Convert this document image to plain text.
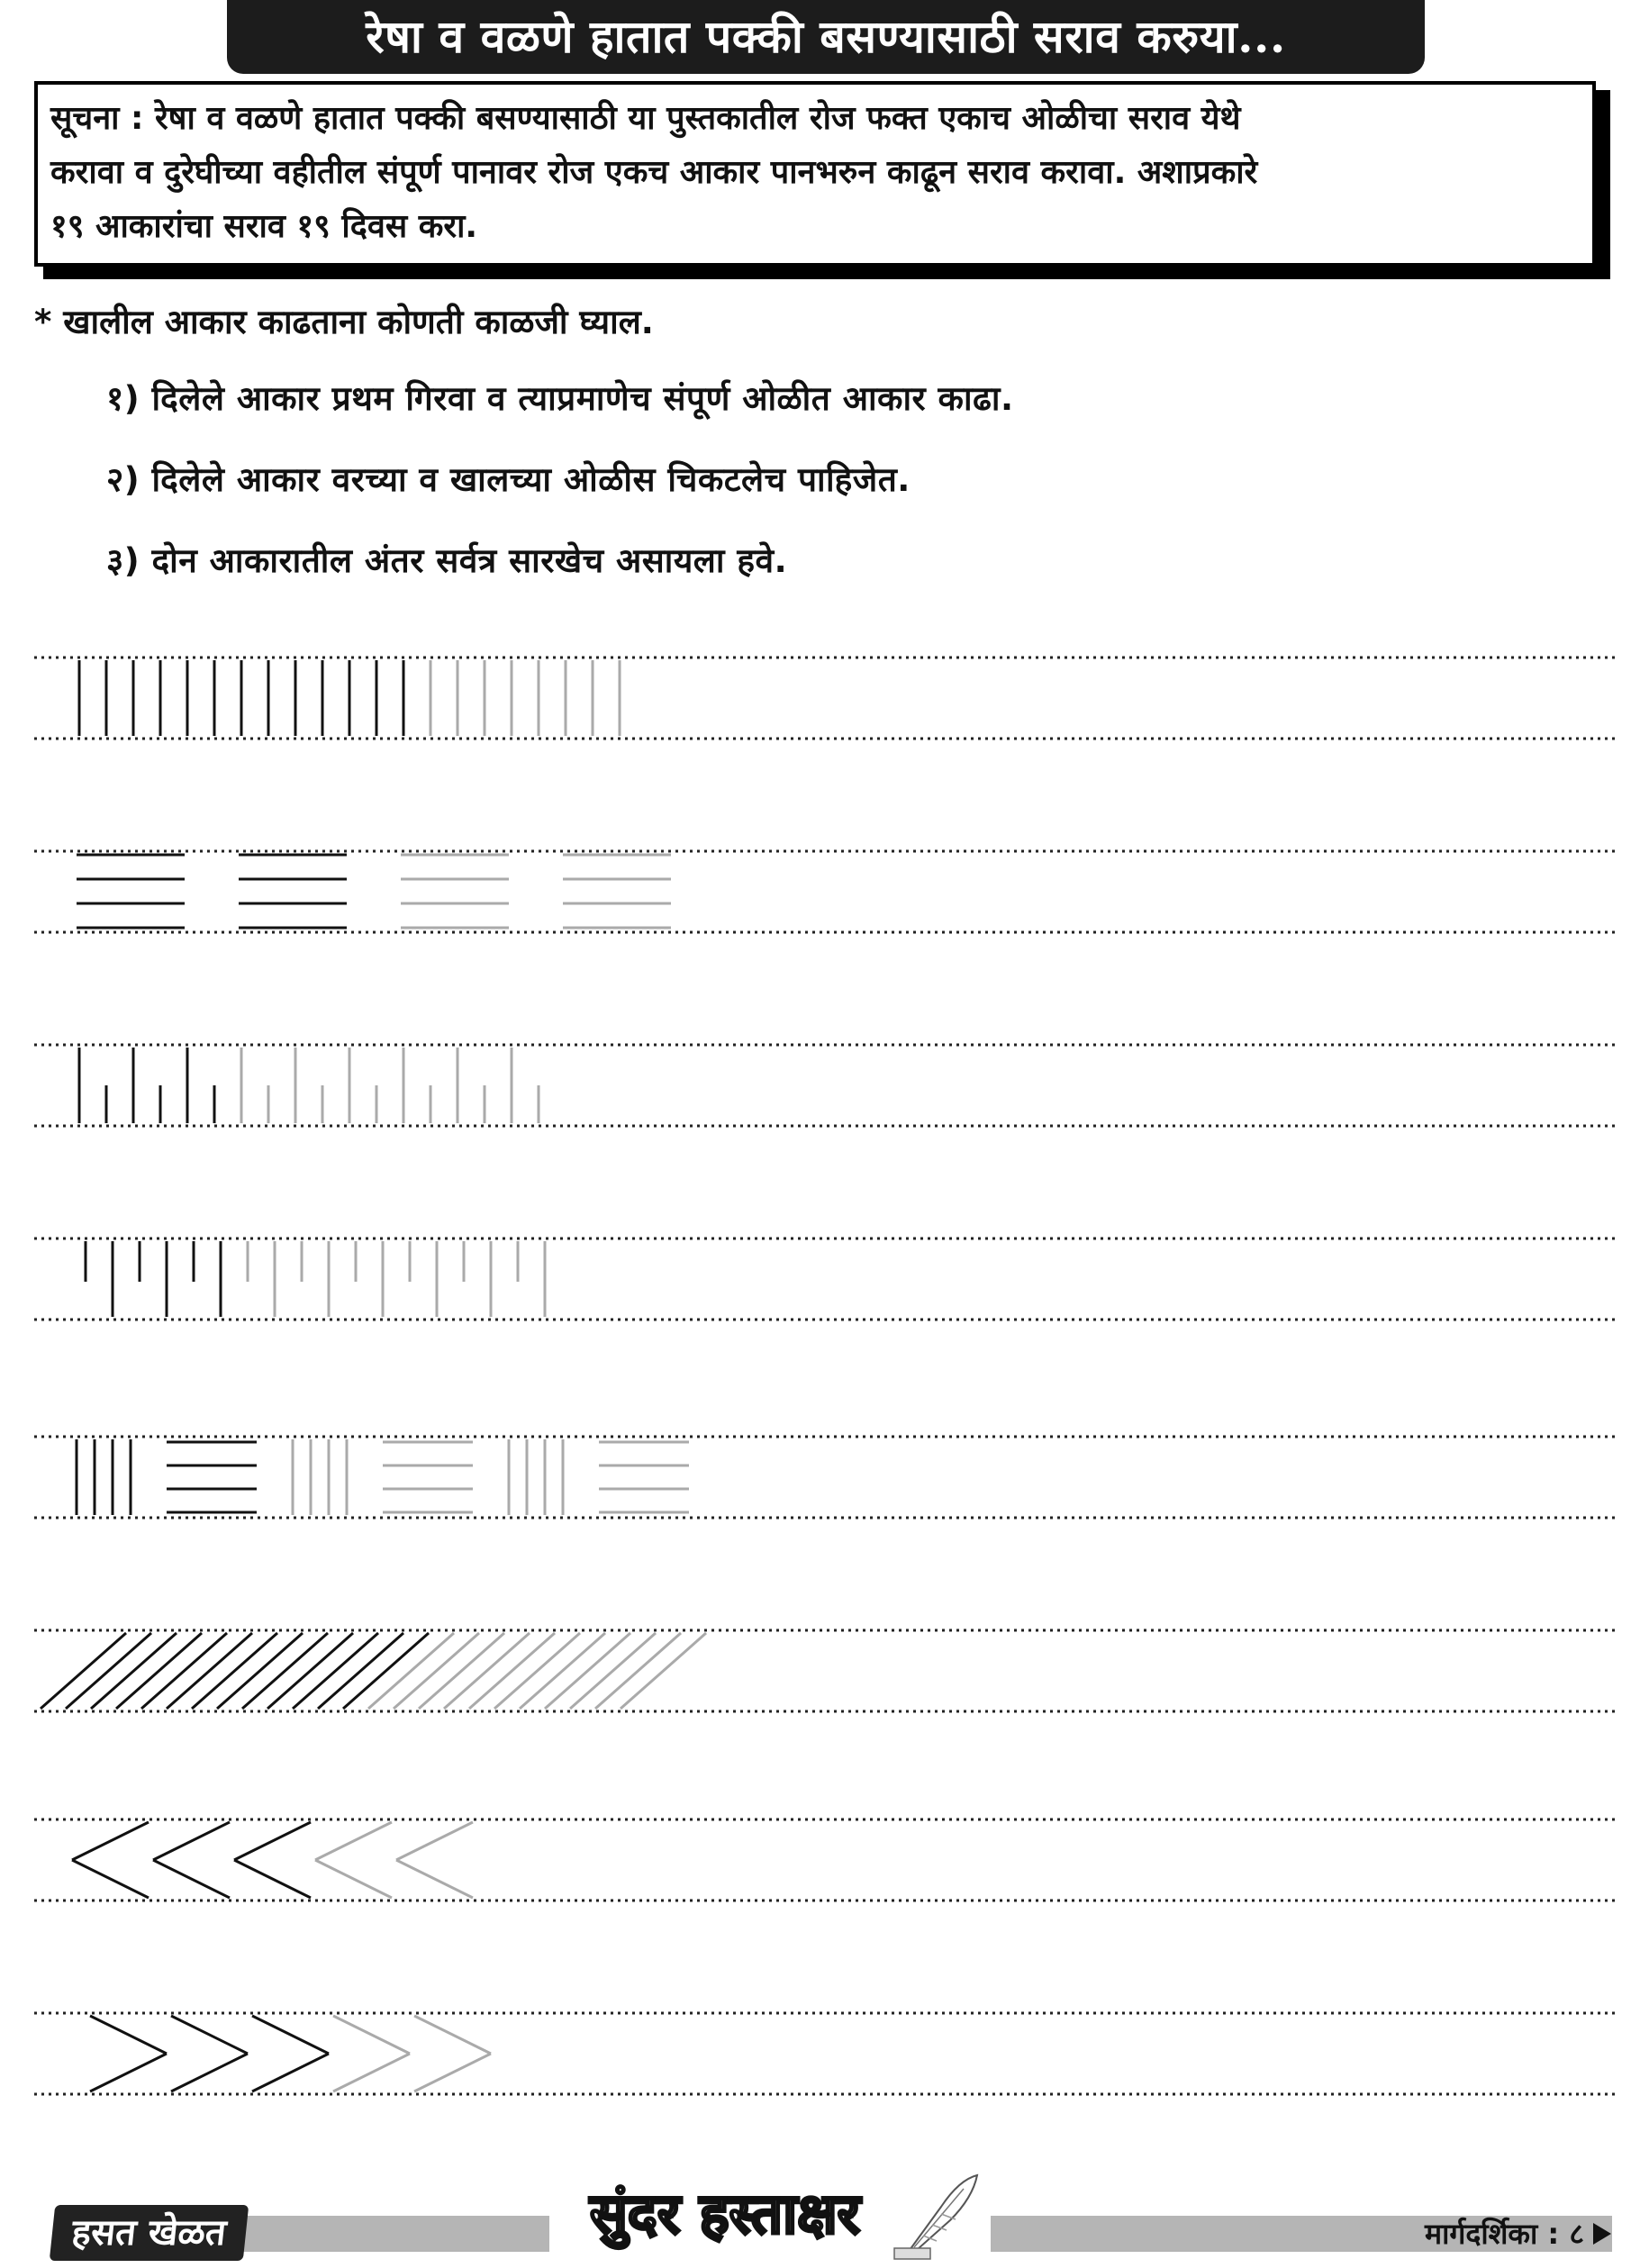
रेषा व वळणे हातात पक्की बसण्यासाठी सराव करुया...
सूचना : रेषा व वळणे हातात पक्की बसण्यासाठी या पुस्तकातील रोज फक्त एकाच ओळीचा सराव येथे
करावा व दुरेघीच्या वहीतील संपूर्ण पानावर रोज एकच आकार पानभरुन काढून सराव करावा. अशाप्रकारे
१९ आकारांचा सराव १९ दिवस करा.
* खालील आकार काढताना कोणती काळजी घ्याल.
१) दिलेले आकार प्रथम गिरवा व त्याप्रमाणेच संपूर्ण ओळीत आकार काढा.
२) दिलेले आकार वरच्या व खालच्या ओळीस चिकटलेच पाहिजेत.
३) दोन आकारातील अंतर सर्वत्र सारखेच असायला हवे.
हसत खेळत	सुंदर हस्ताक्षर	मार्गदर्शिका : ८
